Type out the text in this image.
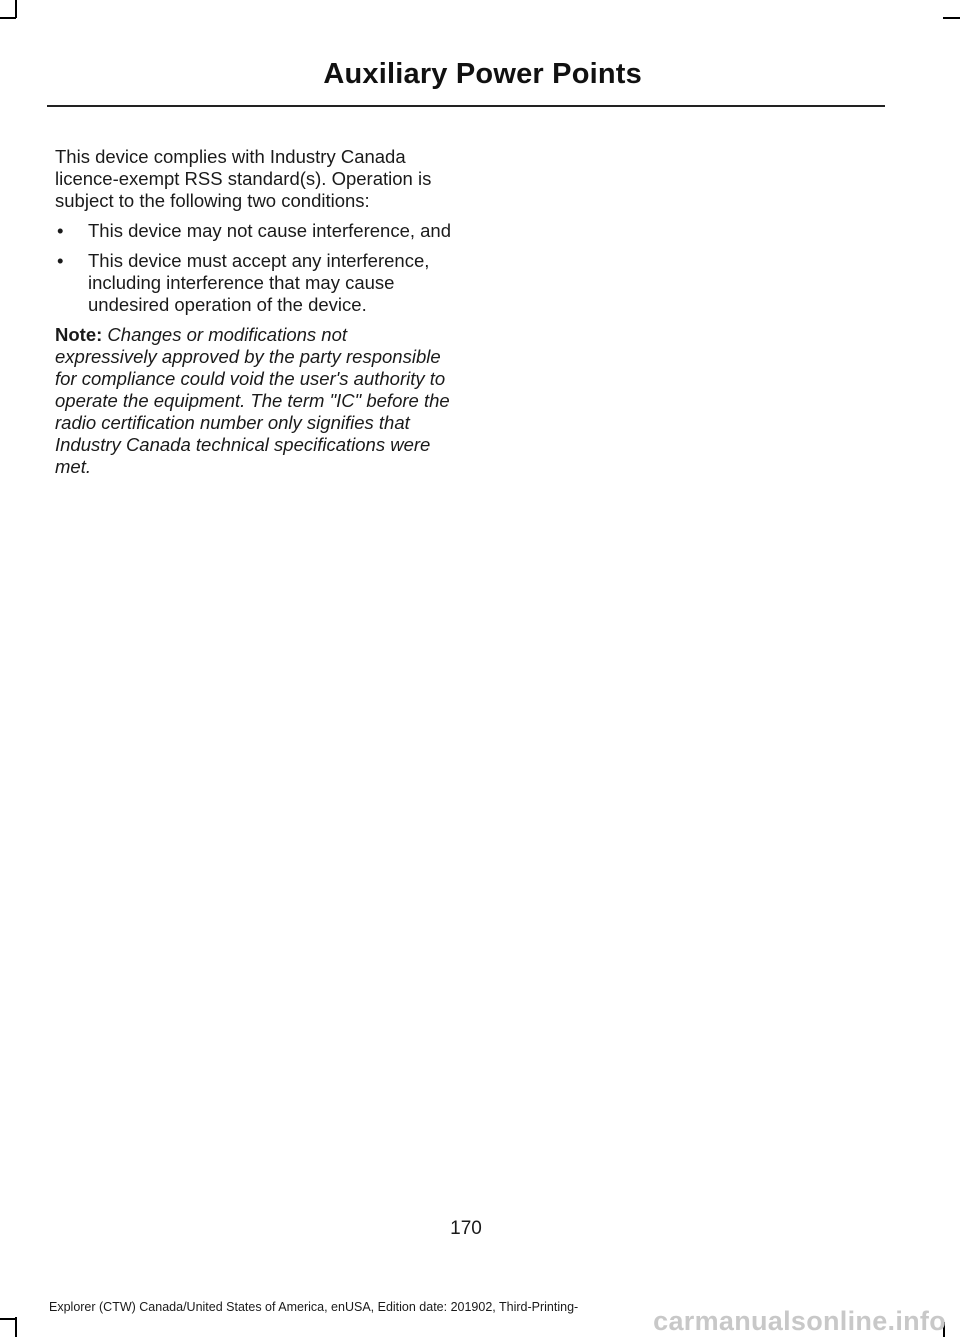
Auxiliary Power Points

This device complies with Industry Canada licence-exempt RSS standard(s). Operation is subject to the following two conditions:

• This device may not cause interference, and
• This device must accept any interference, including interference that may cause undesired operation of the device.

Note: Changes or modifications not expressively approved by the party responsible for compliance could void the user's authority to operate the equipment. The term "IC" before the radio certification number only signifies that Industry Canada technical specifications were met.

170
Explorer (CTW) Canada/United States of America, enUSA, Edition date: 201902, Third-Printing-	carmanualsonline.info
